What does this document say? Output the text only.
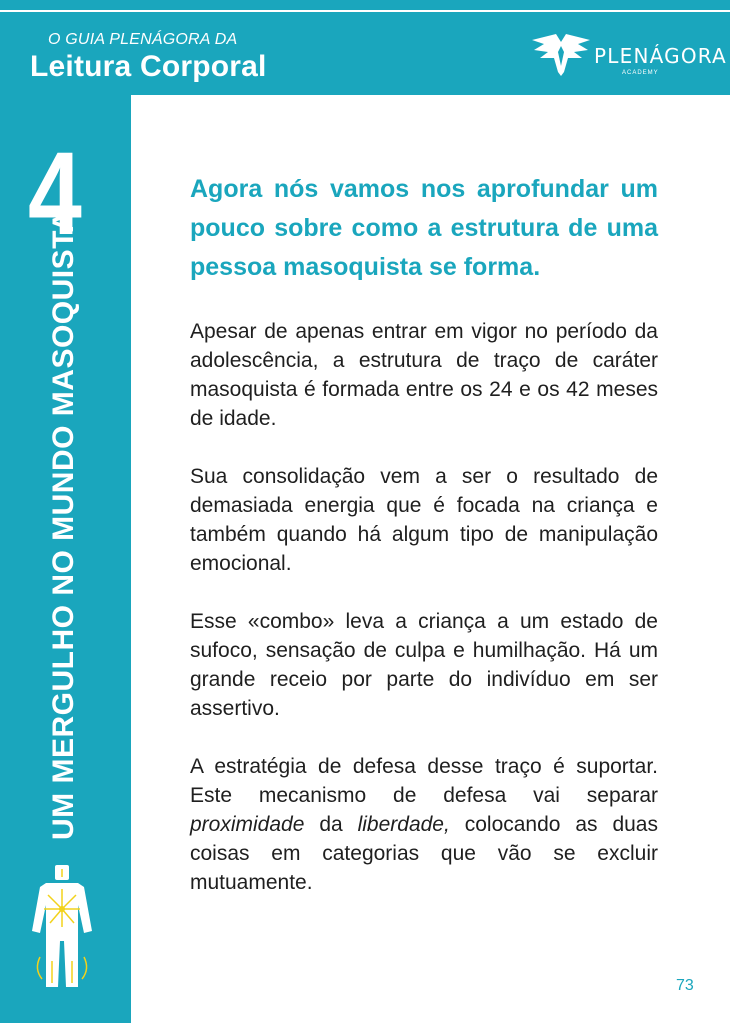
O GUIA PLENÁGORA DA
Leitura Corporal	PLENÁGORA
ACADEMY
4
UM MERGULHO NO MUNDO MASOQUISTA

Agora nós vamos nos aprofundar um pouco sobre como a estrutura de uma pessoa masoquista se forma.

Apesar de apenas entrar em vigor no período da adolescência, a estrutura de traço de caráter masoquista é formada entre os 24 e os 42 meses de idade.

Sua consolidação vem a ser o resultado de demasiada energia que é focada na criança e também quando há algum tipo de manipulação emocional.

Esse «combo» leva a criança a um estado de sufoco, sensação de culpa e humilhação. Há um grande receio por parte do indivíduo em ser assertivo.

A estratégia de defesa desse traço é suportar. Este mecanismo de defesa vai separar proximidade da liberdade, colocando as duas coisas em categorias que vão se excluir mutuamente.

73
